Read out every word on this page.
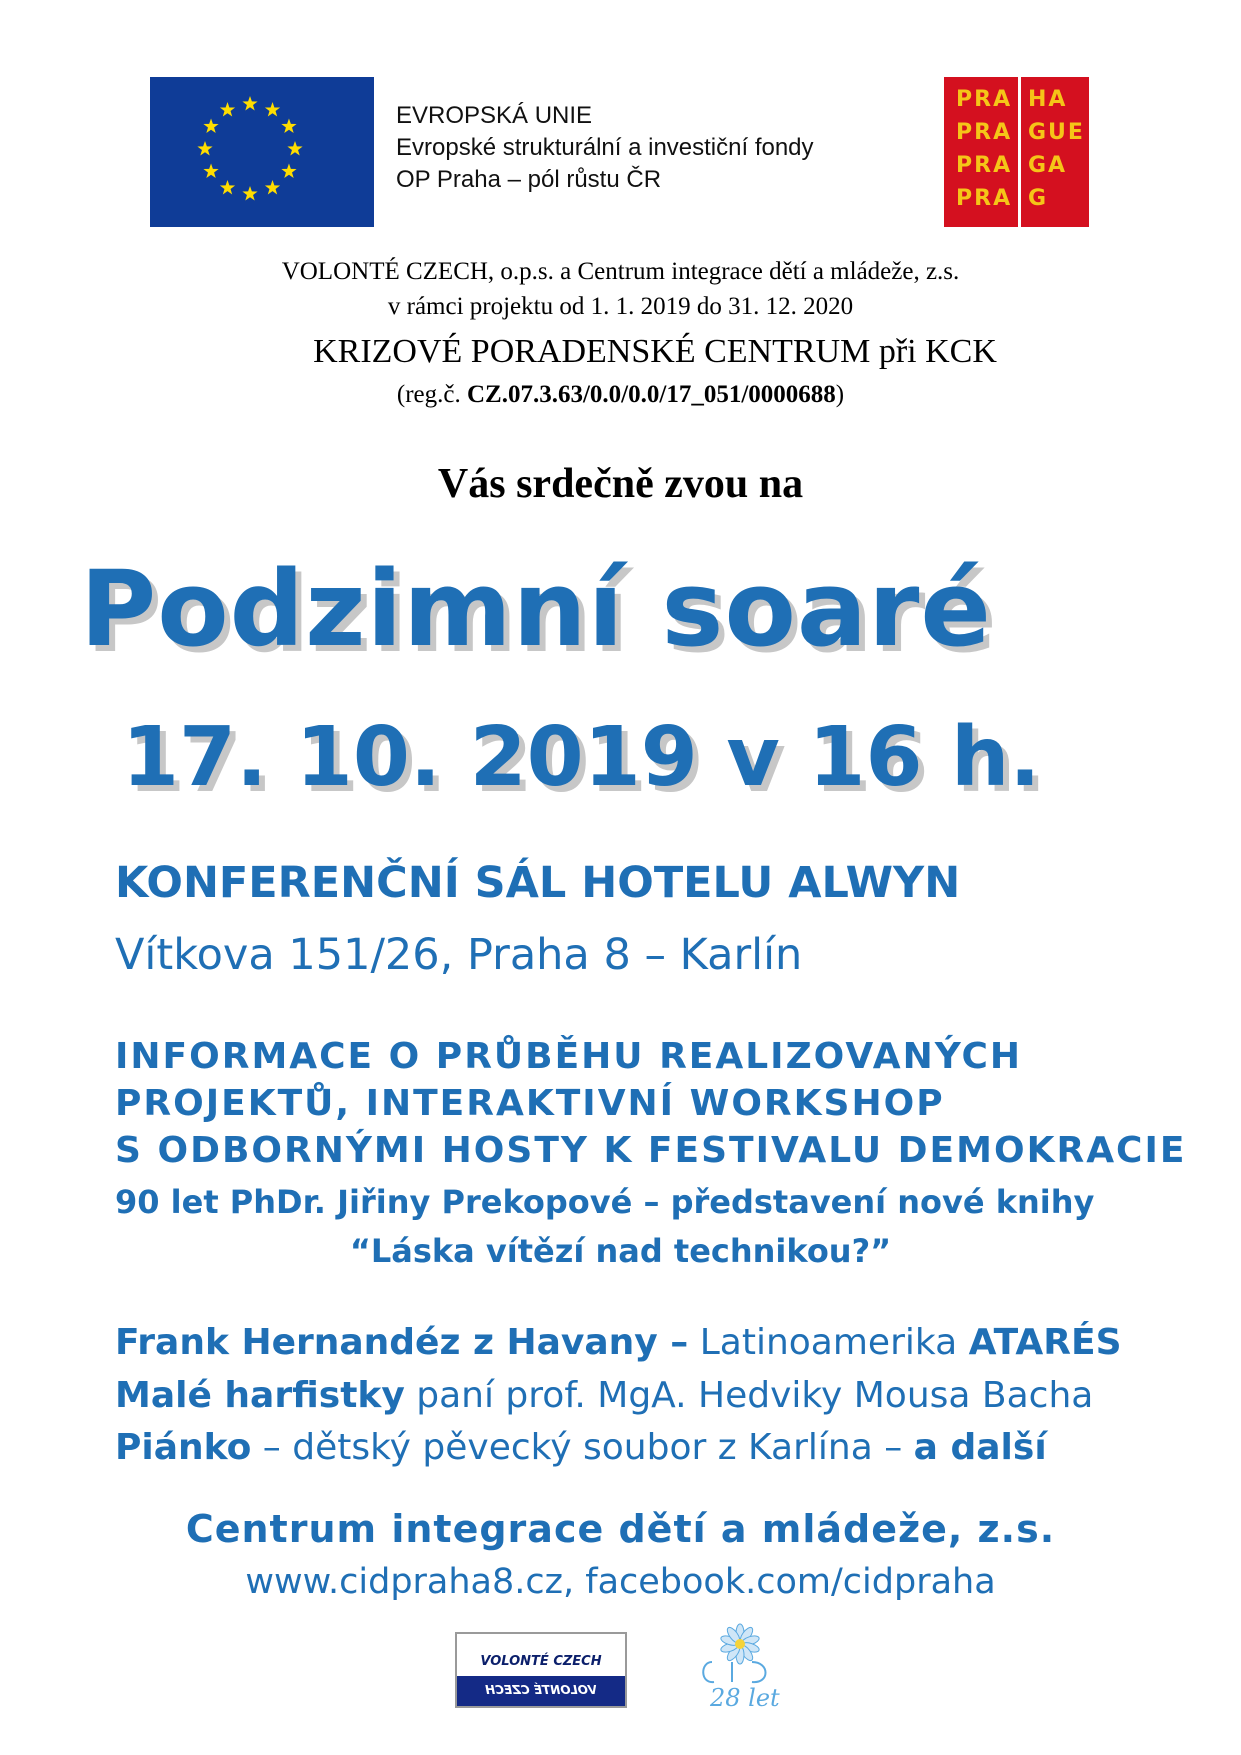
EVROPSKÁ UNIE
Evropské strukturální a investiční fondy
OP Praha – pól růstu ČR
PRA HA
PRA GUE
PRA GA
PRA G
VOLONTÉ CZECH, o.p.s. a Centrum integrace dětí a mládeže, z.s.
v rámci projektu od 1. 1. 2019 do 31. 12. 2020
KRIZOVÉ PORADENSKÉ CENTRUM při KCK
(reg.č. CZ.07.3.63/0.0/0.0/17_051/0000688)
Vás srdečně zvou na
Podzimní soaré
17. 10. 2019 v 16 h.
KONFERENČNÍ SÁL HOTELU ALWYN
Vítkova 151/26, Praha 8 – Karlín
INFORMACE O PRŮBĚHU REALIZOVANÝCH
PROJEKTŮ, INTERAKTIVNÍ WORKSHOP
S ODBORNÝMI HOSTY K FESTIVALU DEMOKRACIE
90 let PhDr. Jiřiny Prekopové – představení nové knihy
“Láska vítězí nad technikou?”
Frank Hernandéz z Havany – Latinoamerika ATARÉS
Malé harfistky paní prof. MgA. Hedviky Mousa Bacha
Piánko – dětský pěvecký soubor z Karlína – a další
Centrum integrace dětí a mládeže, z.s.
www.cidpraha8.cz, facebook.com/cidpraha
VOLONTÉ CZECH
VOLONTÉ CZECH	28 let
